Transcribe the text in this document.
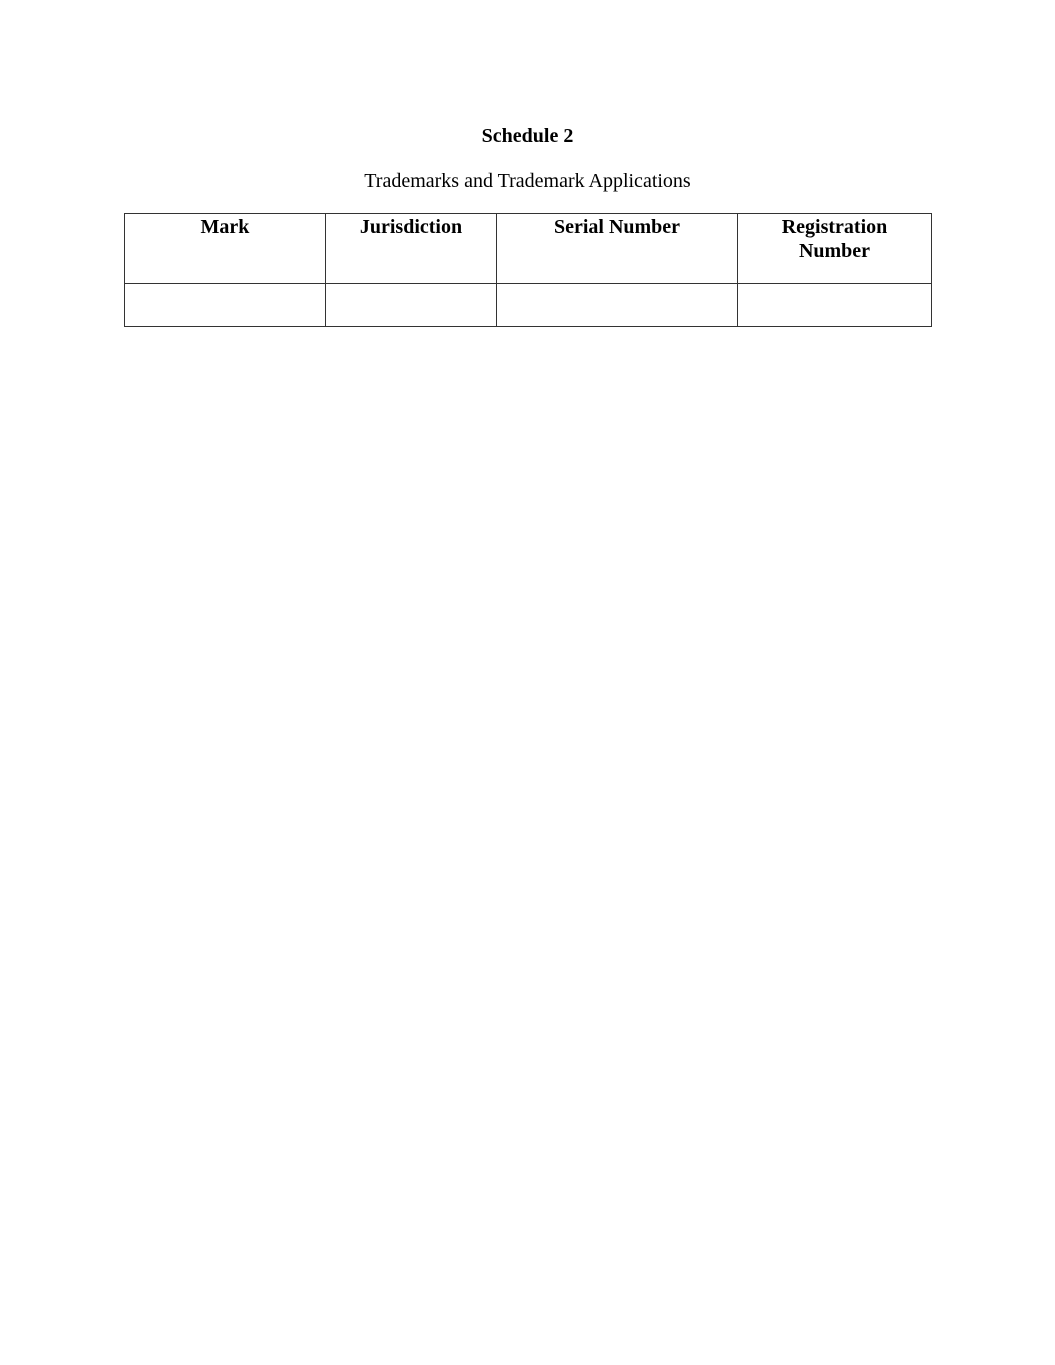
Schedule 2

Trademarks and Trademark Applications

Mark	Jurisdiction	Serial Number	Registration Number
